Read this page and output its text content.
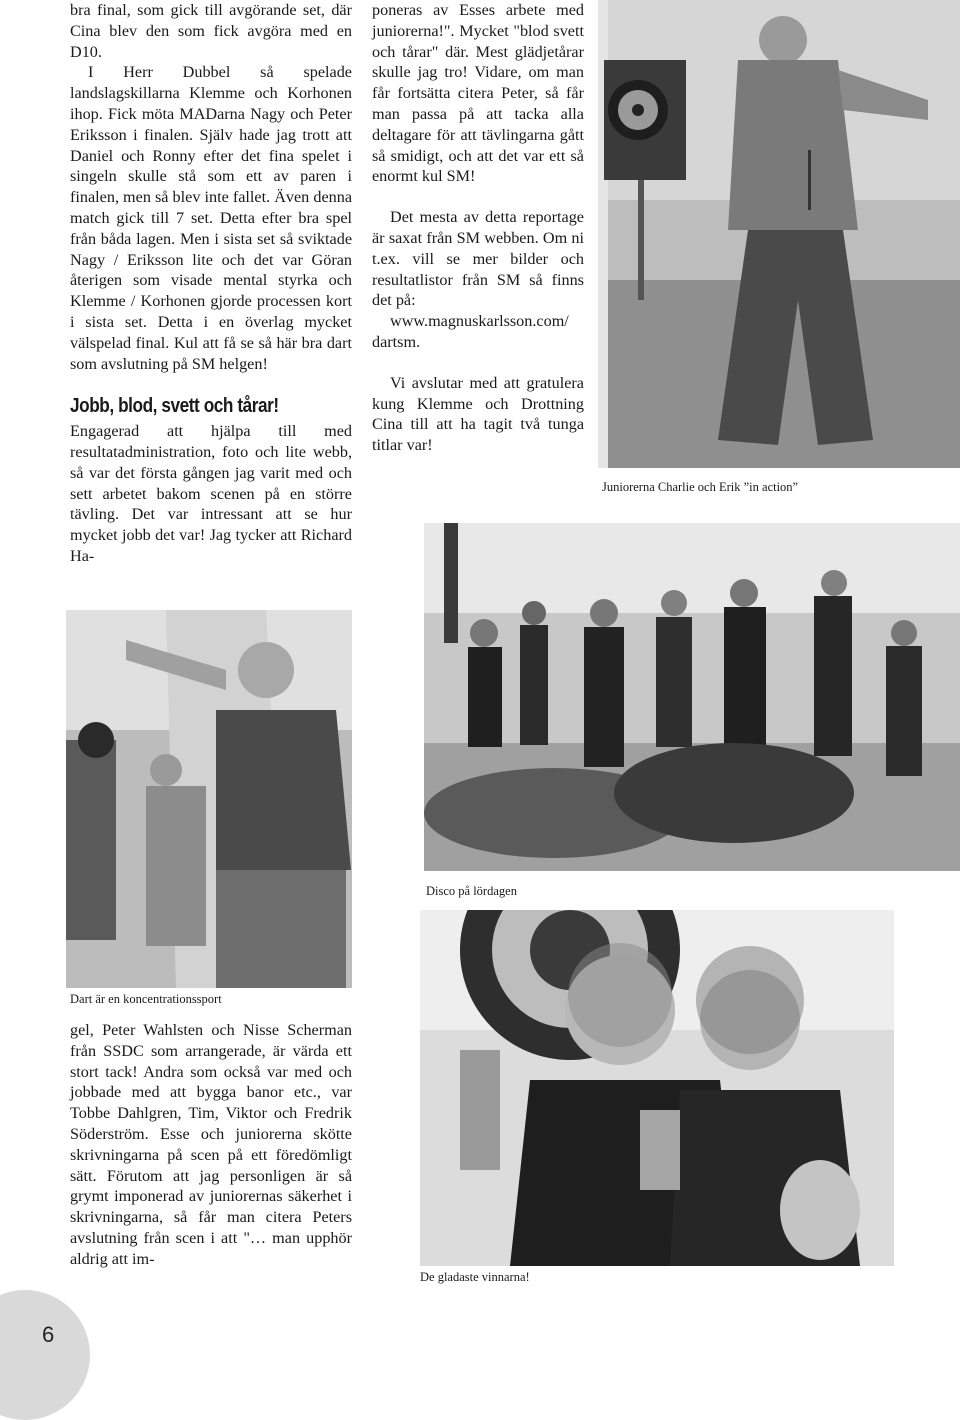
bra final, som gick till avgörande set, där Cina blev den som fick avgöra med en D10.

I Herr Dubbel så spelade landslagskillarna Klemme och Korhonen ihop. Fick möta MADarna Nagy och Peter Eriksson i finalen. Själv hade jag trott att Daniel och Ronny efter det fina spelet i singeln skulle stå som ett av paren i finalen, men så blev inte fallet. Även denna match gick till 7 set. Detta efter bra spel från båda lagen. Men i sista set så sviktade Nagy / Eriksson lite och det var Göran återigen som visade mental styrka och Klemme / Korhonen gjorde processen kort i sista set. Detta i en överlag mycket välspelad final. Kul att få se så här bra dart som avslutning på SM helgen!

Jobb, blod, svett och tårar!

Engagerad att hjälpa till med resultatadministration, foto och lite webb, så var det första gången jag varit med och sett arbetet bakom scenen på en större tävling. Det var intressant att se hur mycket jobb det var! Jag tycker att Richard Ha-

poneras av Esses arbete med juniorerna!". Mycket "blod svett och tårar" där. Mest glädjetårar skulle jag tro! Vidare, om man får fortsätta citera Peter, så får man passa på att tacka alla deltagare för att tävlingarna gått så smidigt, och att det var ett så enormt kul SM!

Det mesta av detta reportage är saxat från SM webben. Om ni t.ex. vill se mer bilder och resultatlistor från SM så finns det på:

www.magnuskarlsson.com/

dartsm.

Vi avslutar med att gratulera kung Klemme och Drottning Cina till att ha tagit två tunga titlar var!

Juniorerna Charlie och Erik ”in action”
Disco på lördagen
Dart är en koncentrationssport

gel, Peter Wahlsten och Nisse Scherman från SSDC som arrangerade, är värda ett stort tack! Andra som också var med och jobbade med att bygga banor etc., var Tobbe Dahlgren, Tim, Viktor och Fredrik Söderström. Esse och juniorerna skötte skrivningarna på scen på ett föredömligt sätt. Förutom att jag personligen är så grymt imponerad av juniorernas säkerhet i skrivningarna, så får man citera Peters avslutning från scen i att "… man upphör aldrig att im-

De gladaste vinnarna!
6
